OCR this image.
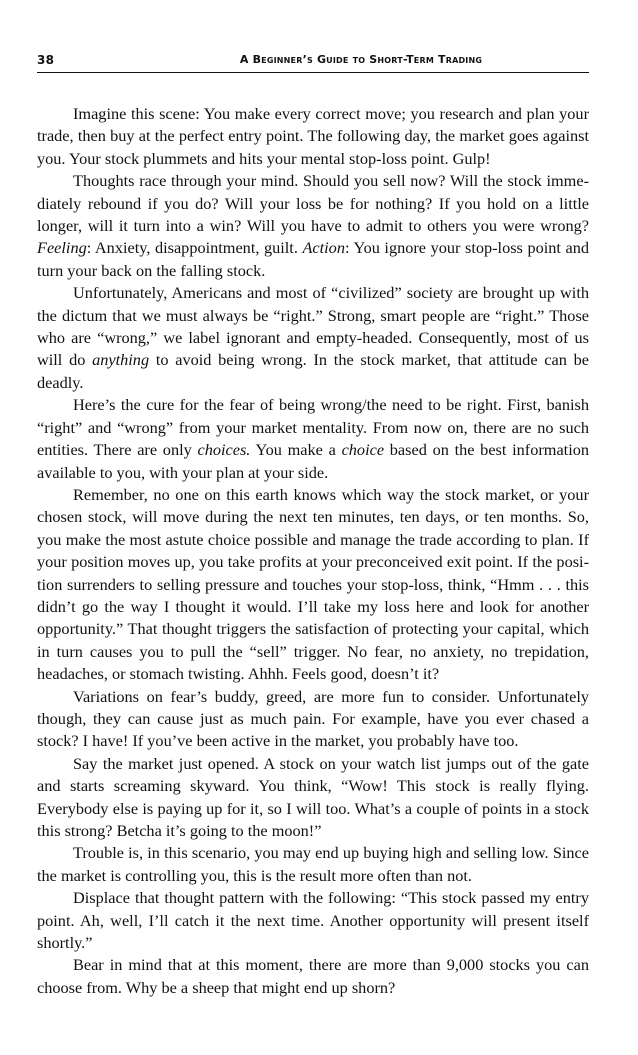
38	A Beginner’s Guide to Short-Term Trading

Imagine this scene: You make every correct move; you research and plan your trade, then buy at the perfect entry point. The following day, the market goes against you. Your stock plummets and hits your mental stop-loss point. Gulp!

Thoughts race through your mind. Should you sell now? Will the stock immediately rebound if you do? Will your loss be for nothing? If you hold on a little longer, will it turn into a win? Will you have to admit to others you were wrong? Feeling: Anxiety, disappointment, guilt. Action: You ignore your stop-loss point and turn your back on the falling stock.

Unfortunately, Americans and most of “civilized” society are brought up with the dictum that we must always be “right.” Strong, smart people are “right.” Those who are “wrong,” we label ignorant and empty-headed. Consequently, most of us will do anything to avoid being wrong. In the stock market, that attitude can be deadly.

Here’s the cure for the fear of being wrong/the need to be right. First, banish “right” and “wrong” from your market mentality. From now on, there are no such entities. There are only choices. You make a choice based on the best information available to you, with your plan at your side.

Remember, no one on this earth knows which way the stock market, or your chosen stock, will move during the next ten minutes, ten days, or ten months. So, you make the most astute choice possible and manage the trade according to plan. If your position moves up, you take profits at your preconceived exit point. If the position surrenders to selling pressure and touches your stop-loss, think, “Hmm . . . this didn’t go the way I thought it would. I’ll take my loss here and look for another opportunity.” That thought triggers the satisfaction of protecting your capital, which in turn causes you to pull the “sell” trigger. No fear, no anxiety, no trepidation, headaches, or stomach twisting. Ahhh. Feels good, doesn’t it?

Variations on fear’s buddy, greed, are more fun to consider. Unfortunately though, they can cause just as much pain. For example, have you ever chased a stock? I have! If you’ve been active in the market, you probably have too.

Say the market just opened. A stock on your watch list jumps out of the gate and starts screaming skyward. You think, “Wow! This stock is really flying. Everybody else is paying up for it, so I will too. What’s a couple of points in a stock this strong? Betcha it’s going to the moon!”

Trouble is, in this scenario, you may end up buying high and selling low. Since the market is controlling you, this is the result more often than not.

Displace that thought pattern with the following: “This stock passed my entry point. Ah, well, I’ll catch it the next time. Another opportunity will present itself shortly.”

Bear in mind that at this moment, there are more than 9,000 stocks you can choose from. Why be a sheep that might end up shorn?
